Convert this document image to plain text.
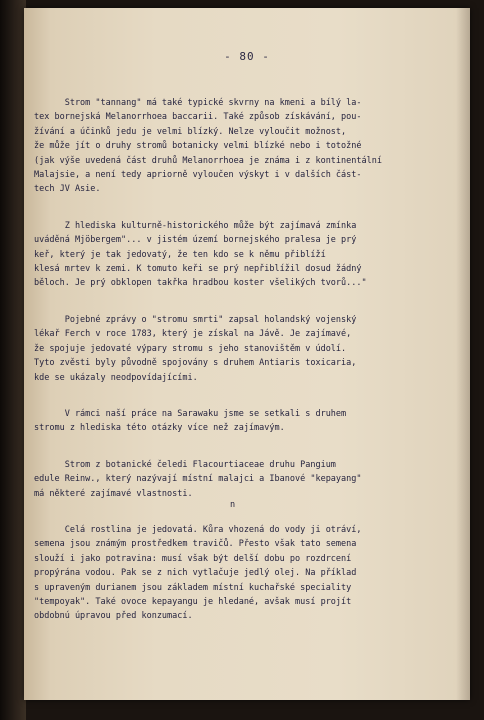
- 80 -

Strom "tannang" má také typické skvrny na kmeni a bílý la-
tex bornejská Melanorrhoea baccarii. Také způsob získávání, pou-
žívání a účinků jedu je velmi blízký. Nelze vyloučit možnost,
že může jít o druhy stromů botanicky velmi blízké nebo i totožné
(jak výše uvedená část druhů Melanorrhoea je známa i z kontinentální
Malajsie, a není tedy apriorně vyloučen výskyt i v dalších část-
tech JV Asie.

Z hlediska kulturně-historického může být zajímavá zmínka
uváděná Mjöbergem"... v jistém území bornejského pralesa je prý
keř, který je tak jedovatý, že ten kdo se k němu přiblíží
klesá mrtev k zemi. K tomuto keři se prý nepřiblížil dosud žádný
běloch. Je prý obklopen takřka hradbou koster všelikých tvorů..."

Pojebné zprávy o "stromu smrti" zapsal holandský vojenský
lékař Ferch v roce 1783, který je získal na Jávě. Je zajímavé,
že spojuje jedovaté výpary stromu s jeho stanovištěm v údolí.
Tyto zvěsti byly původně spojovány s druhem Antiaris toxicaria,
kde se ukázaly neodpovídajícími.

V rámci naší práce na Sarawaku jsme se setkali s druhem
stromu z hlediska této otázky více než zajímavým.

Strom z botanické čeledi Flacourtiaceae druhu Pangium
edule Reinw., který nazývají místní malajci a Ibanové "kepayang"
má některé zajímavé vlastnosti.

Celá rostlina je jedovatá. Kůra vhozená do vody ji otráví,
semena jsou známým prostředkem travičů. Přesto však tato semena
slouží i jako potravina: musí však být delší dobu po rozdrcení
propýrána vodou. Pak se z nich vytlačuje jedlý olej. Na příklad
s upraveným durianem jsou základem místní kuchařské speciality
"tempoyak". Také ovoce kepayangu je hledané, avšak musí projít
obdobnú úpravou před konzumací.

n
